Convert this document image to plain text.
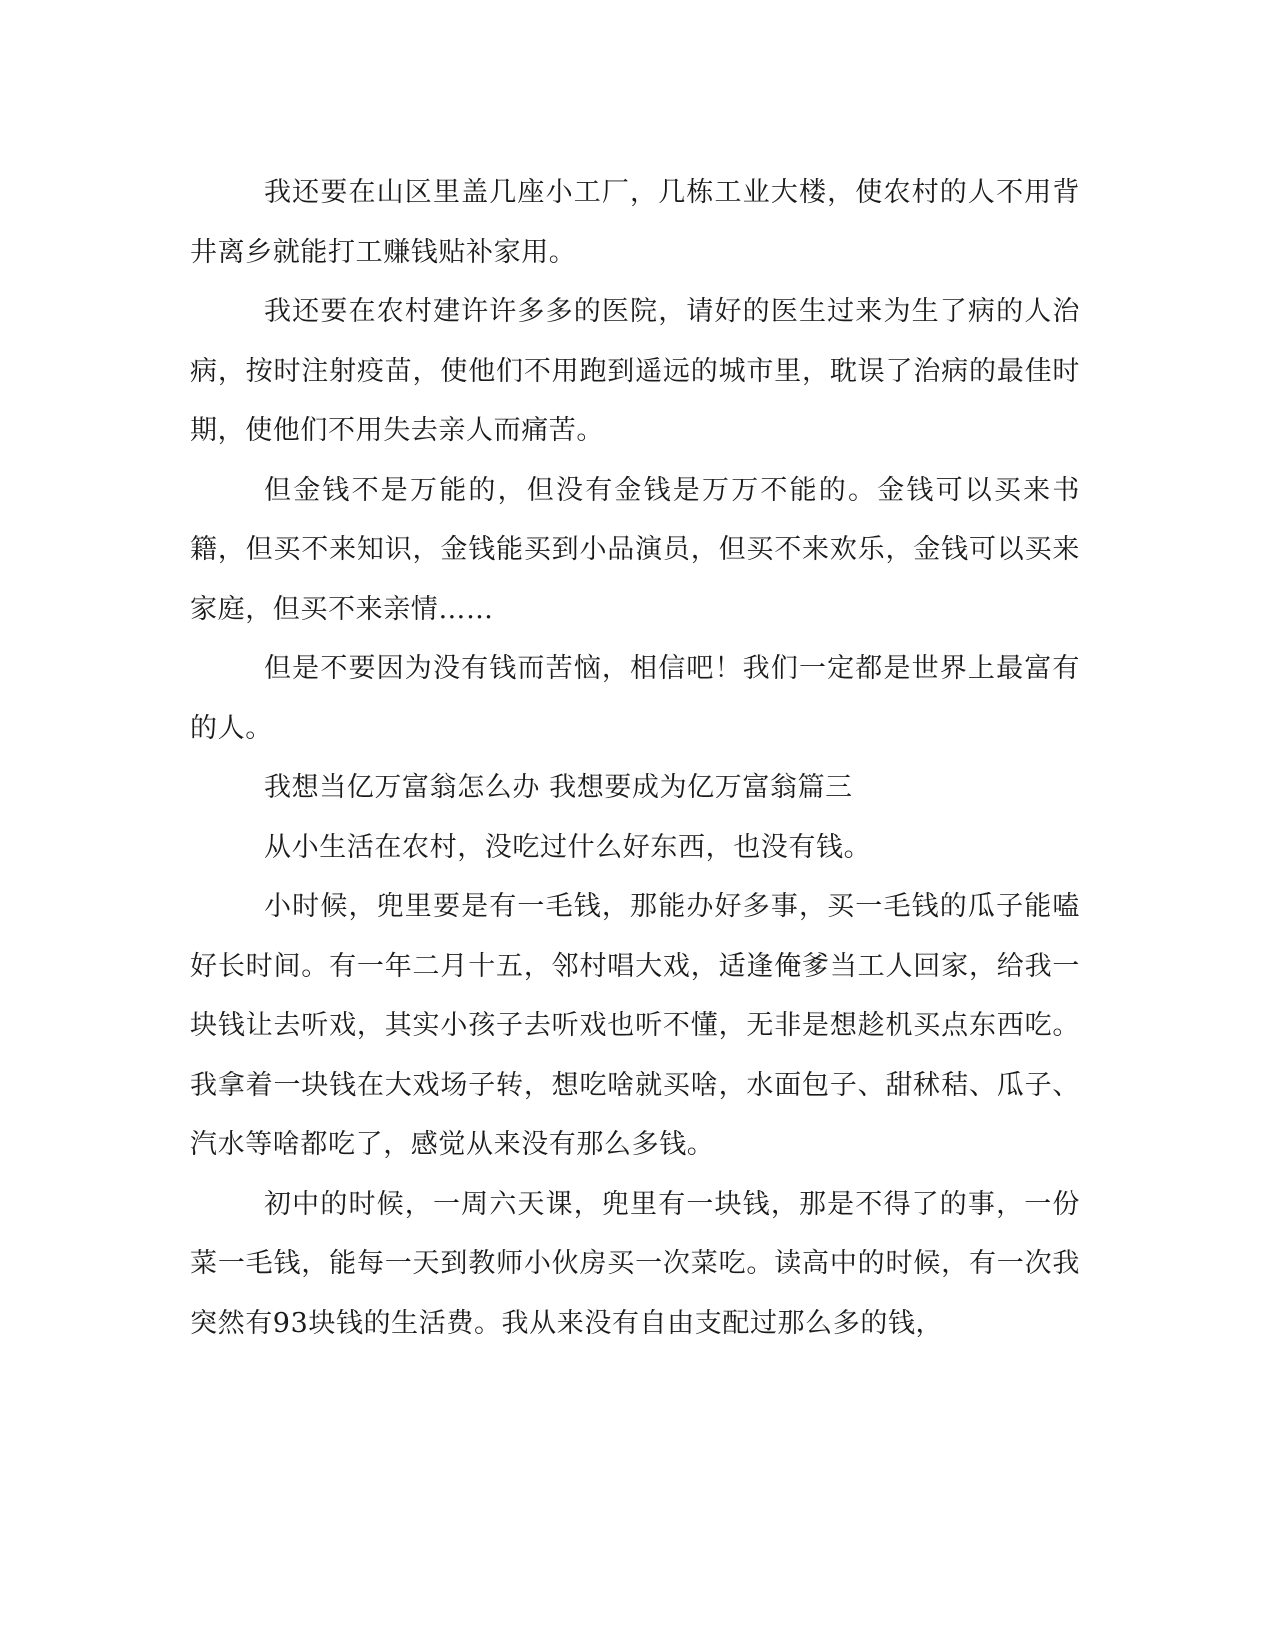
我还要在山区里盖几座小工厂，几栋工业大楼，使农村的人不用背井离乡就能打工赚钱贴补家用。

我还要在农村建许许多多的医院，请好的医生过来为生了病的人治病，按时注射疫苗，使他们不用跑到遥远的城市里，耽误了治病的最佳时期，使他们不用失去亲人而痛苦。

但金钱不是万能的，但没有金钱是万万不能的。金钱可以买来书籍，但买不来知识，金钱能买到小品演员，但买不来欢乐，金钱可以买来家庭，但买不来亲情……

但是不要因为没有钱而苦恼，相信吧！我们一定都是世界上最富有的人。

我想当亿万富翁怎么办 我想要成为亿万富翁篇三

从小生活在农村，没吃过什么好东西，也没有钱。

小时候，兜里要是有一毛钱，那能办好多事，买一毛钱的瓜子能嗑好长时间。有一年二月十五，邻村唱大戏，适逢俺爹当工人回家，给我一块钱让去听戏，其实小孩子去听戏也听不懂，无非是想趁机买点东西吃。我拿着一块钱在大戏场子转，想吃啥就买啥，水面包子、甜秫秸、瓜子、汽水等啥都吃了，感觉从来没有那么多钱。

初中的时候，一周六天课，兜里有一块钱，那是不得了的事，一份菜一毛钱，能每一天到教师小伙房买一次菜吃。读高中的时候，有一次我突然有93块钱的生活费。我从来没有自由支配过那么多的钱，
